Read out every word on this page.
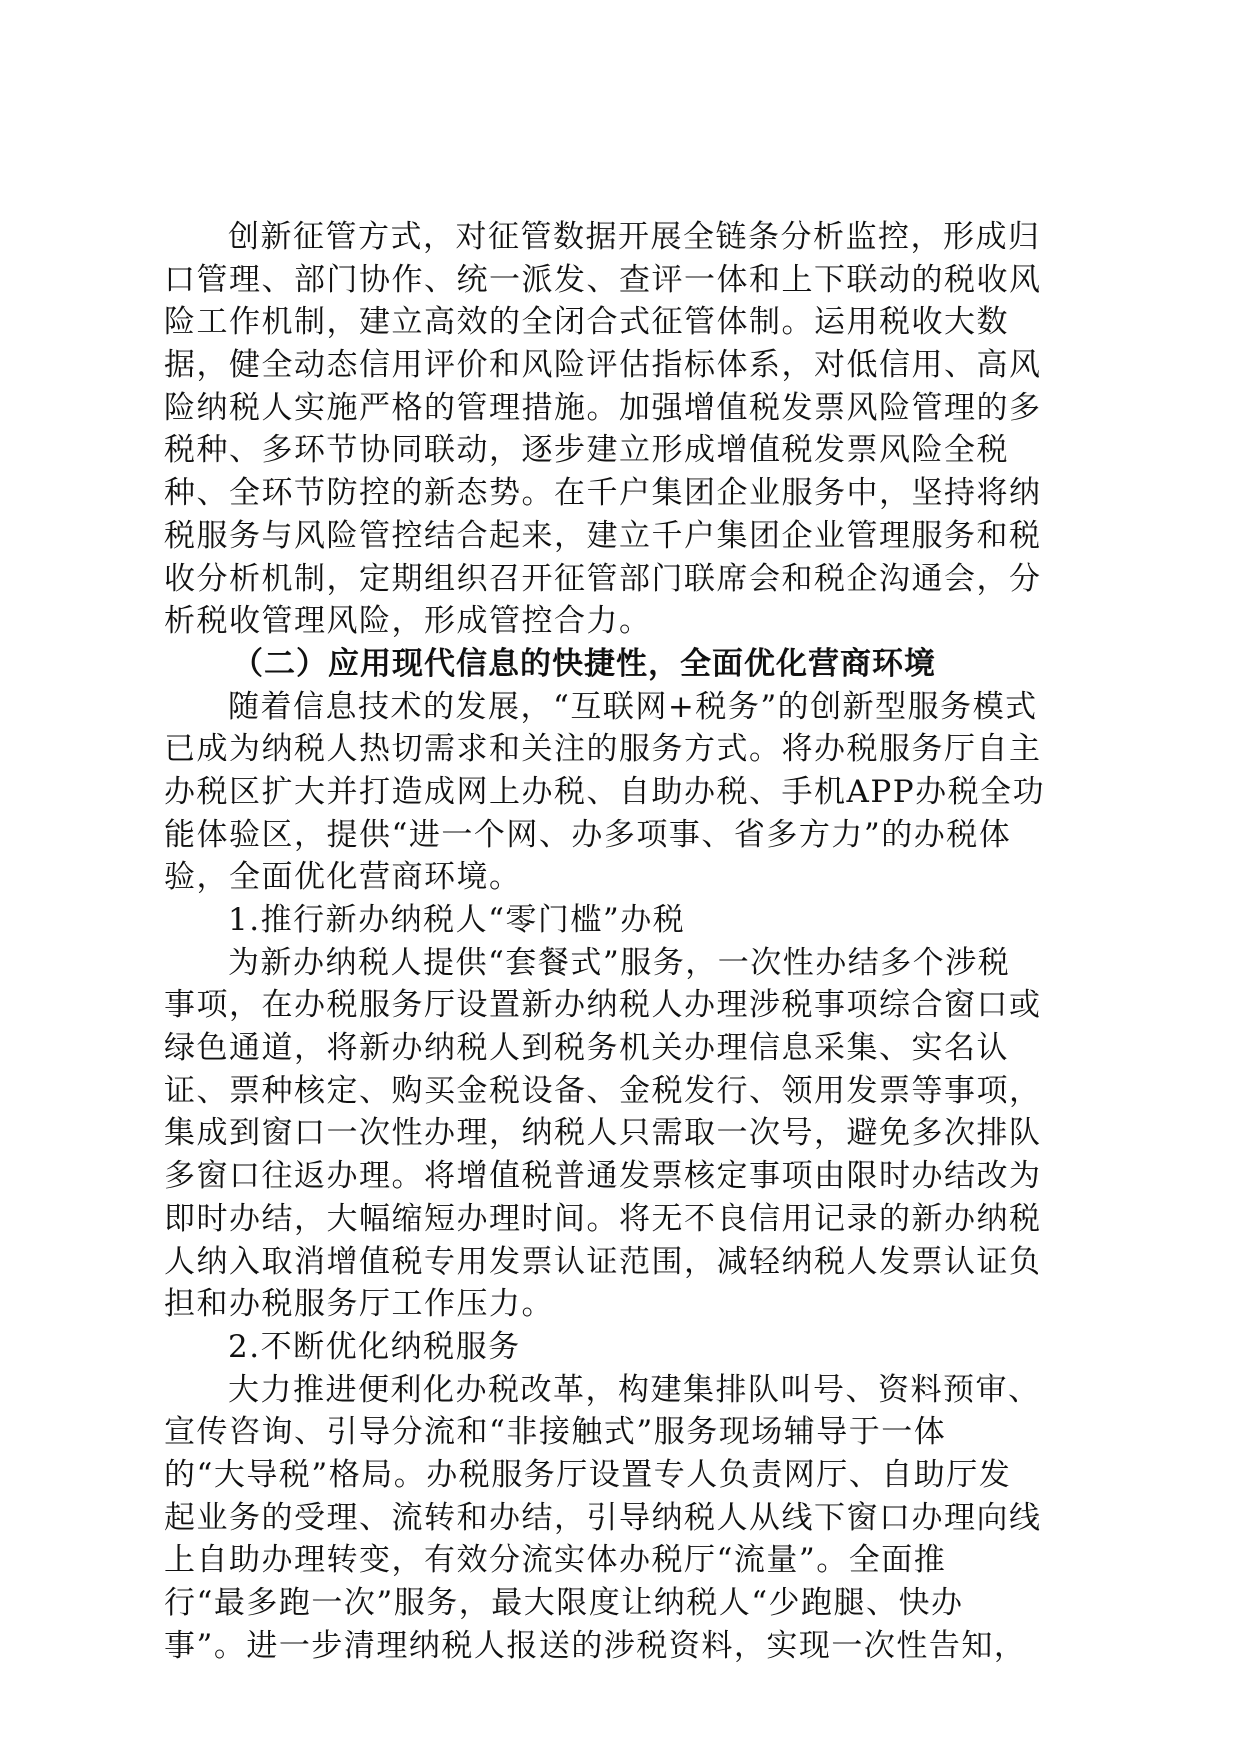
创新征管方式，对征管数据开展全链条分析监控，形成归
口管理、部门协作、统一派发、查评一体和上下联动的税收风
险工作机制，建立高效的全闭合式征管体制。运用税收大数
据，健全动态信用评价和风险评估指标体系，对低信用、高风
险纳税人实施严格的管理措施。加强增值税发票风险管理的多
税种、多环节协同联动，逐步建立形成增值税发票风险全税
种、全环节防控的新态势。在千户集团企业服务中，坚持将纳
税服务与风险管控结合起来，建立千户集团企业管理服务和税
收分析机制，定期组织召开征管部门联席会和税企沟通会，分
析税收管理风险，形成管控合力。
（二）应用现代信息的快捷性，全面优化营商环境
随着信息技术的发展，“互联网+税务”的创新型服务模式
已成为纳税人热切需求和关注的服务方式。将办税服务厅自主
办税区扩大并打造成网上办税、自助办税、手机APP办税全功
能体验区，提供“进一个网、办多项事、省多方力”的办税体
验，全面优化营商环境。
1.推行新办纳税人“零门槛”办税
为新办纳税人提供“套餐式”服务，一次性办结多个涉税
事项，在办税服务厅设置新办纳税人办理涉税事项综合窗口或
绿色通道，将新办纳税人到税务机关办理信息采集、实名认
证、票种核定、购买金税设备、金税发行、领用发票等事项，
集成到窗口一次性办理，纳税人只需取一次号，避免多次排队
多窗口往返办理。将增值税普通发票核定事项由限时办结改为
即时办结，大幅缩短办理时间。将无不良信用记录的新办纳税
人纳入取消增值税专用发票认证范围，减轻纳税人发票认证负
担和办税服务厅工作压力。
2.不断优化纳税服务
大力推进便利化办税改革，构建集排队叫号、资料预审、
宣传咨询、引导分流和“非接触式”服务现场辅导于一体
的“大导税”格局。办税服务厅设置专人负责网厅、自助厅发
起业务的受理、流转和办结，引导纳税人从线下窗口办理向线
上自助办理转变，有效分流实体办税厅“流量”。全面推
行“最多跑一次”服务，最大限度让纳税人“少跑腿、快办
事”。进一步清理纳税人报送的涉税资料，实现一次性告知，
